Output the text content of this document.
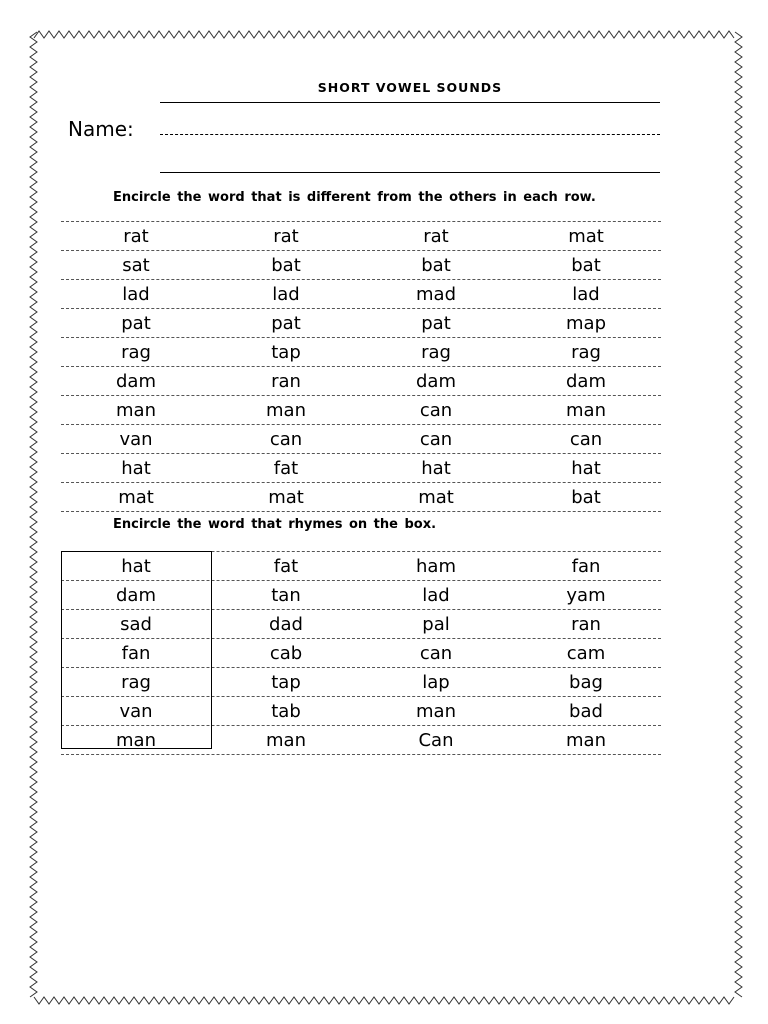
SHORT VOWEL SOUNDS
Name:
Encircle the word that is different from the others in each row.
rat	rat	rat	mat
sat	bat	bat	bat
lad	lad	mad	lad
pat	pat	pat	map
rag	tap	rag	rag
dam	ran	dam	dam
man	man	can	man
van	can	can	can
hat	fat	hat	hat
mat	mat	mat	bat
Encircle the word that rhymes on the box.
hat	fat	ham	fan
dam	tan	lad	yam
sad	dad	pal	ran
fan	cab	can	cam
rag	tap	lap	bag
van	tab	man	bad
man	man	Can	man
